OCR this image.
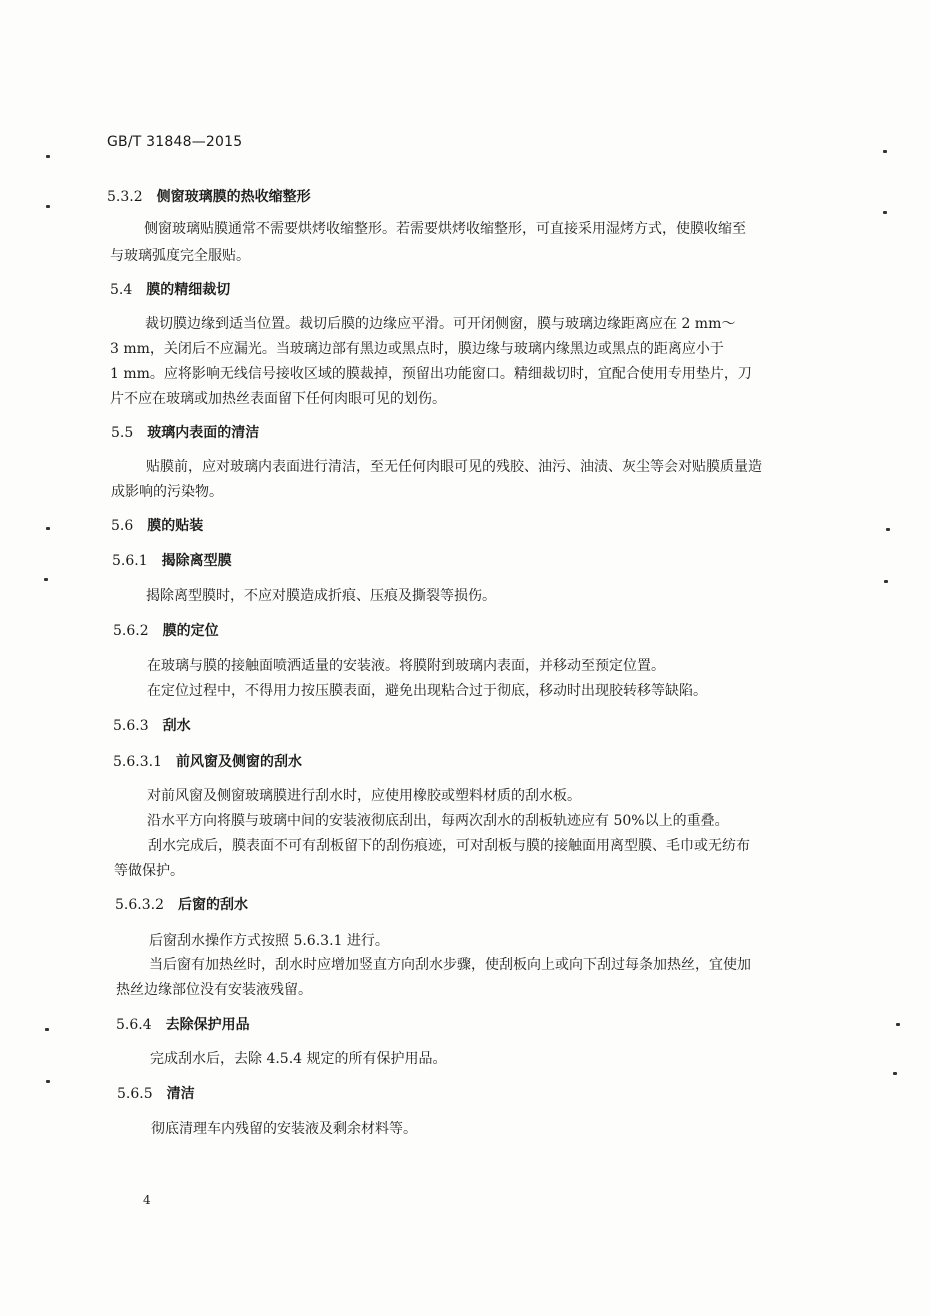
GB/T 31848—2015
5.3.2 侧窗玻璃膜的热收缩整形
侧窗玻璃贴膜通常不需要烘烤收缩整形。若需要烘烤收缩整形，可直接采用湿烤方式，使膜收缩至
与玻璃弧度完全服贴。
5.4 膜的精细裁切
裁切膜边缘到适当位置。裁切后膜的边缘应平滑。可开闭侧窗，膜与玻璃边缘距离应在 2 mm～
3 mm，关闭后不应漏光。当玻璃边部有黑边或黑点时，膜边缘与玻璃内缘黑边或黑点的距离应小于
1 mm。应将影响无线信号接收区域的膜裁掉，预留出功能窗口。精细裁切时，宜配合使用专用垫片，刀
片不应在玻璃或加热丝表面留下任何肉眼可见的划伤。
5.5 玻璃内表面的清洁
贴膜前，应对玻璃内表面进行清洁，至无任何肉眼可见的残胶、油污、油渍、灰尘等会对贴膜质量造
成影响的污染物。
5.6 膜的贴装
5.6.1 揭除离型膜
揭除离型膜时，不应对膜造成折痕、压痕及撕裂等损伤。
5.6.2 膜的定位
在玻璃与膜的接触面喷洒适量的安装液。将膜附到玻璃内表面，并移动至预定位置。
在定位过程中，不得用力按压膜表面，避免出现粘合过于彻底，移动时出现胶转移等缺陷。
5.6.3 刮水
5.6.3.1 前风窗及侧窗的刮水
对前风窗及侧窗玻璃膜进行刮水时，应使用橡胶或塑料材质的刮水板。
沿水平方向将膜与玻璃中间的安装液彻底刮出，每两次刮水的刮板轨迹应有 50%以上的重叠。
刮水完成后，膜表面不可有刮板留下的刮伤痕迹，可对刮板与膜的接触面用离型膜、毛巾或无纺布
等做保护。
5.6.3.2 后窗的刮水
后窗刮水操作方式按照 5.6.3.1 进行。
当后窗有加热丝时，刮水时应增加竖直方向刮水步骤，使刮板向上或向下刮过每条加热丝，宜使加
热丝边缘部位没有安装液残留。
5.6.4 去除保护用品
完成刮水后，去除 4.5.4 规定的所有保护用品。
5.6.5 清洁
彻底清理车内残留的安装液及剩余材料等。
4
